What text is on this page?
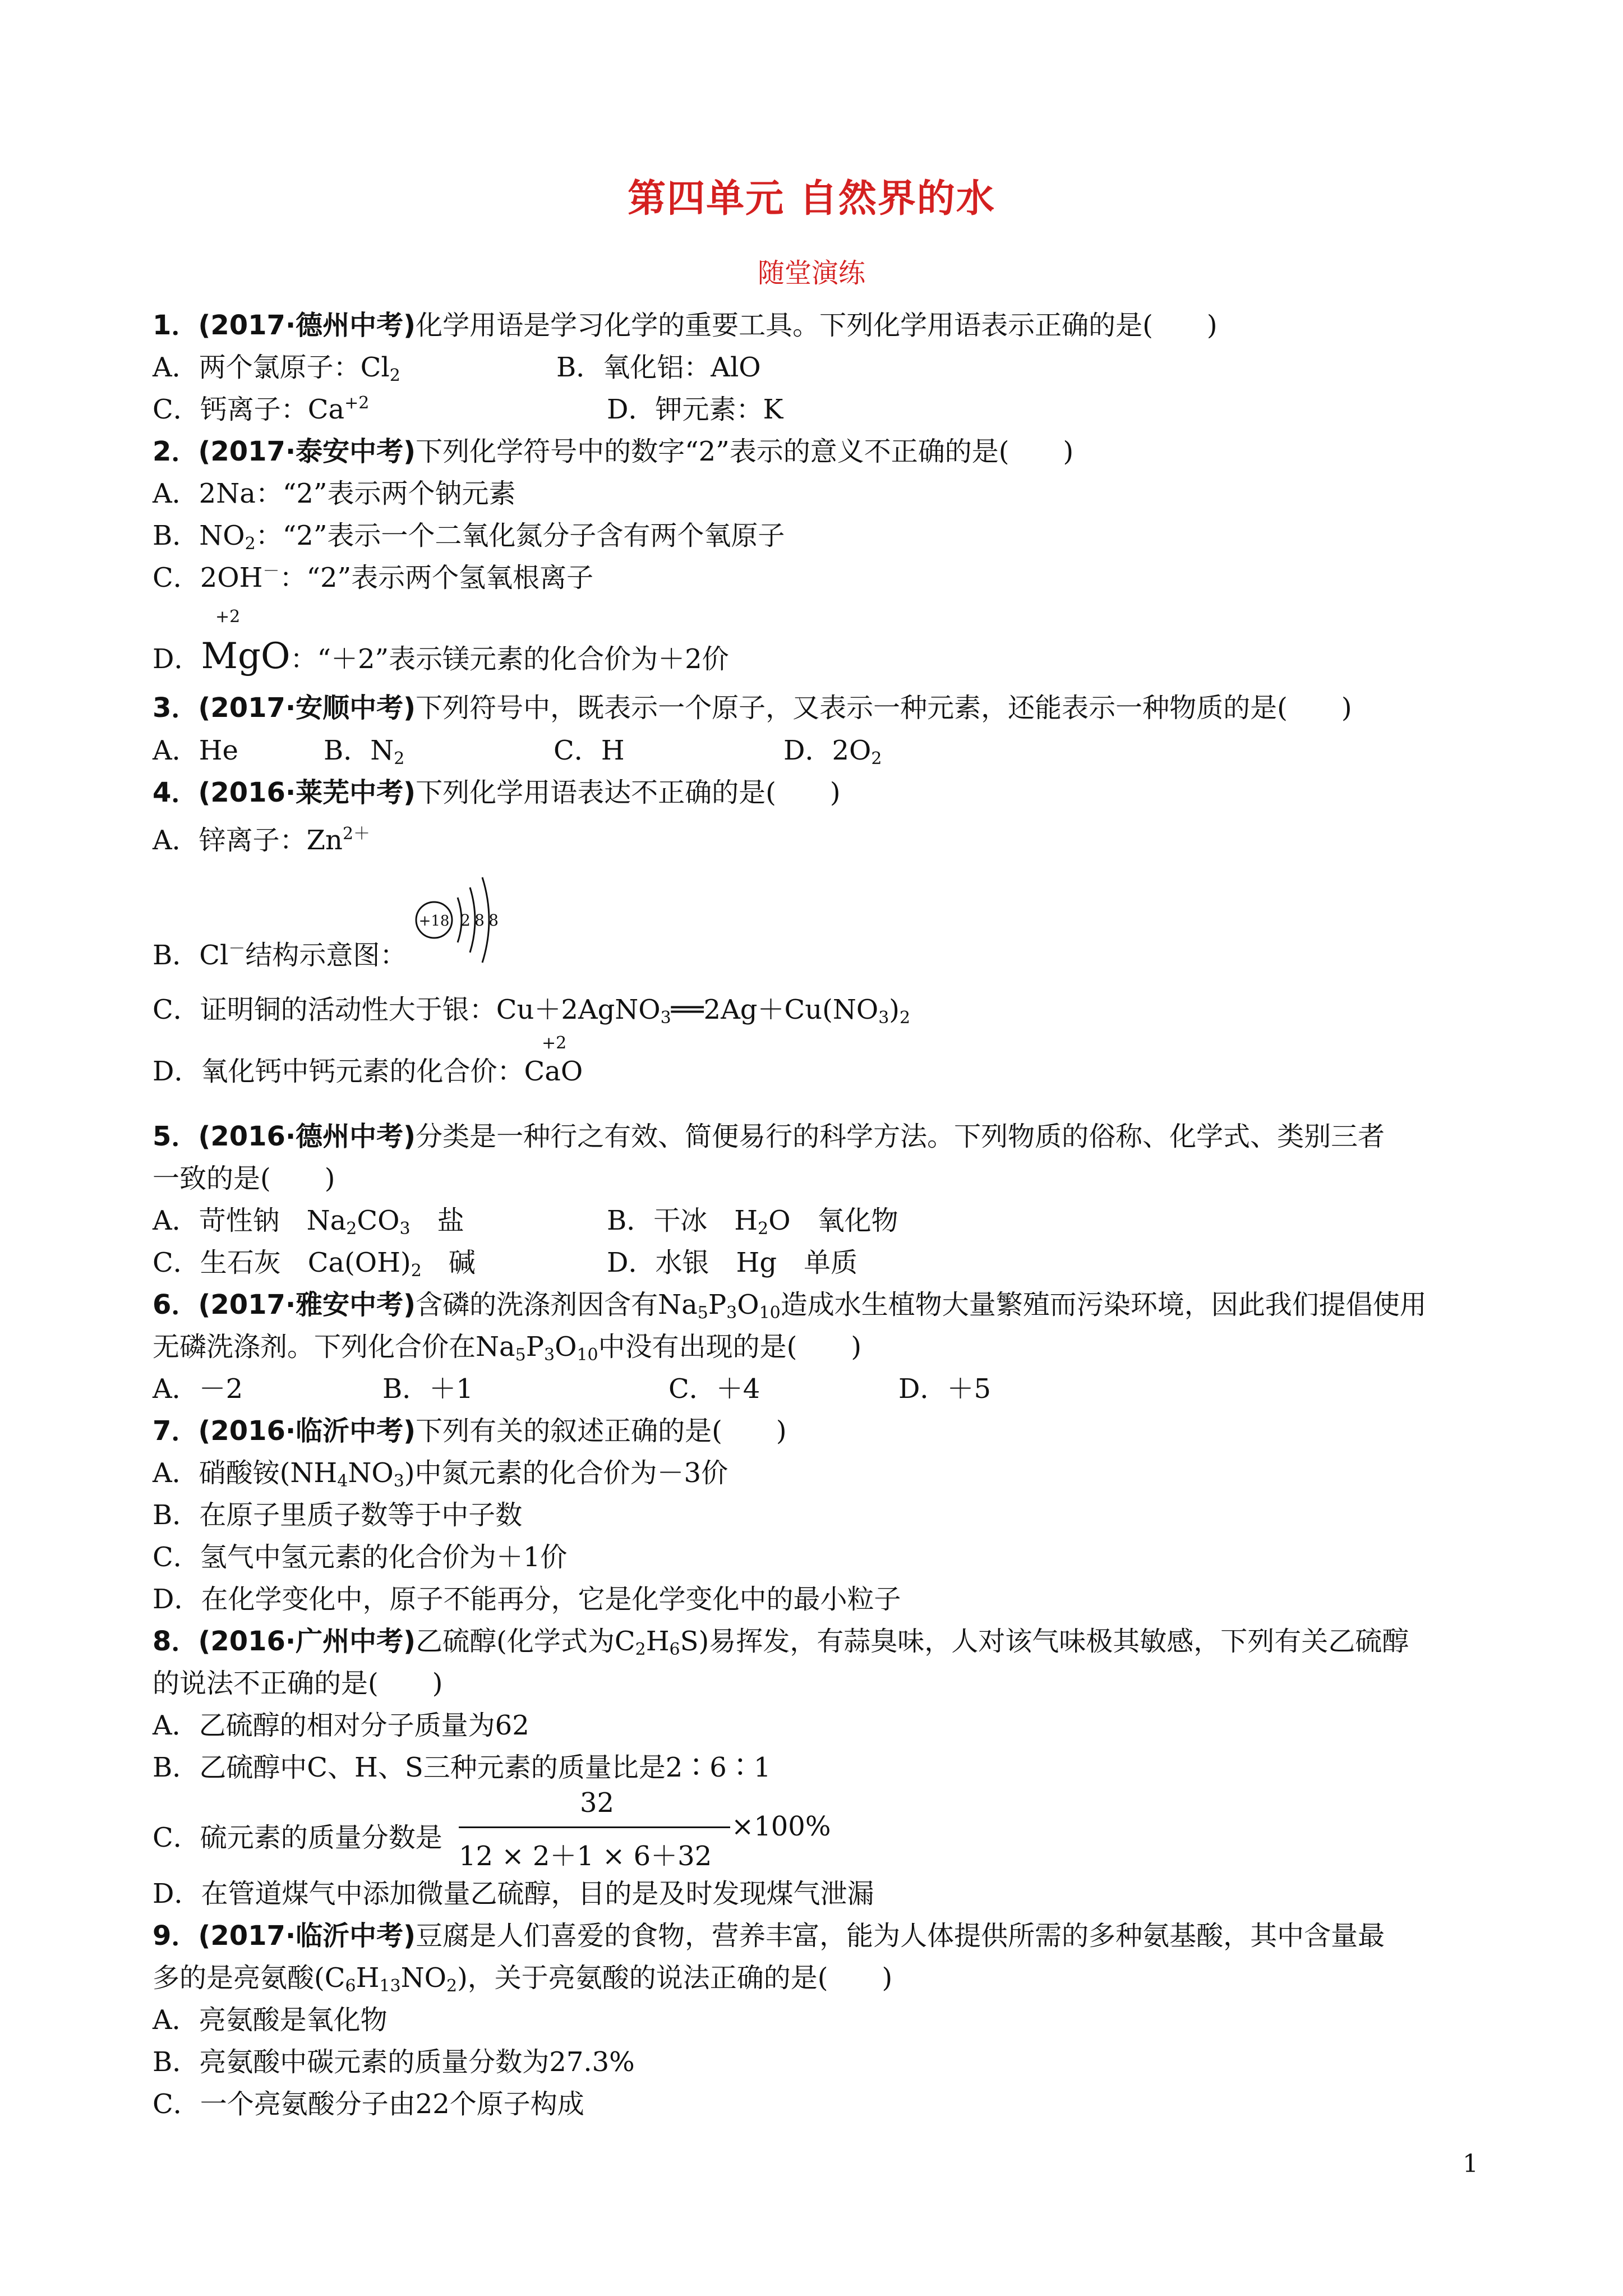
第四单元 自然界的水
随堂演练
1．(2017·德州中考)化学用语是学习化学的重要工具。下列化学用语表示正确的是(　　)
A．两个氯原子：$Cl_2$	B．氧化铝：AlO
C．钙离子：$Ca^{+2}$	D．钾元素：K
2．(2017·泰安中考)下列化学符号中的数字“2”表示的意义不正确的是(　　)
A．2Na：“2”表示两个钠元素
B．$NO_2$：“2”表示一个二氧化氮分子含有两个氧原子
C．2OH－：“2”表示两个氢氧根离子
+2
D．MgO：“＋2”表示镁元素的化合价为＋2价
3．(2017·安顺中考)下列符号中，既表示一个原子，又表示一种元素，还能表示一种物质的是(　　)
A．He	B．$N_2$	C．H	D．$2O_2$
4．(2016·莱芜中考)下列化学用语表达不正确的是(　　)
A．锌离子：$Zn^{2+}$
+18 2 8 8
B．Cl－结构示意图：
C．证明铜的活动性大于银：$Cu+2AgNO_3══2Ag+Cu(NO_3)_2$
+2
D．氧化钙中钙元素的化合价：CaO
5．(2016·德州中考)分类是一种行之有效、简便易行的科学方法。下列物质的俗称、化学式、类别三者
一致的是(　　)
A．苛性钠　$Na_2CO_3$　盐	B．干冰　$H_2O$　氧化物
C．生石灰　$Ca(OH)_2$　碱	D．水银　Hg　单质
6．(2017·雅安中考)含磷的洗涤剂因含有$Na_5P_3O_{10}$造成水生植物大量繁殖而污染环境，因此我们提倡使用
无磷洗涤剂。下列化合价在$Na_5P_3O_{10}$中没有出现的是(　　)
A．－2	B．＋1	C．＋4	D．＋5
7．(2016·临沂中考)下列有关的叙述正确的是(　　)
A．硝酸铵$(NH_4NO_3)$中氮元素的化合价为－3价
B．在原子里质子数等于中子数
C．氢气中氢元素的化合价为＋1价
D．在化学变化中，原子不能再分，它是化学变化中的最小粒子
8．(2016·广州中考)乙硫醇(化学式为$C_2H_6S$)易挥发，有蒜臭味，人对该气味极其敏感，下列有关乙硫醇
的说法不正确的是(　　)
A．乙硫醇的相对分子质量为62
B．乙硫醇中C、H、S三种元素的质量比是2∶6∶1
C．硫元素的质量分数是
32
12 × 2＋1 × 6＋32
×100%
D．在管道煤气中添加微量乙硫醇，目的是及时发现煤气泄漏
9．(2017·临沂中考)豆腐是人们喜爱的食物，营养丰富，能为人体提供所需的多种氨基酸，其中含量最
多的是亮氨酸$(C_6H_{13}NO_2)$，关于亮氨酸的说法正确的是(　　)
A．亮氨酸是氧化物
B．亮氨酸中碳元素的质量分数为27.3%
C．一个亮氨酸分子由22个原子构成
1
